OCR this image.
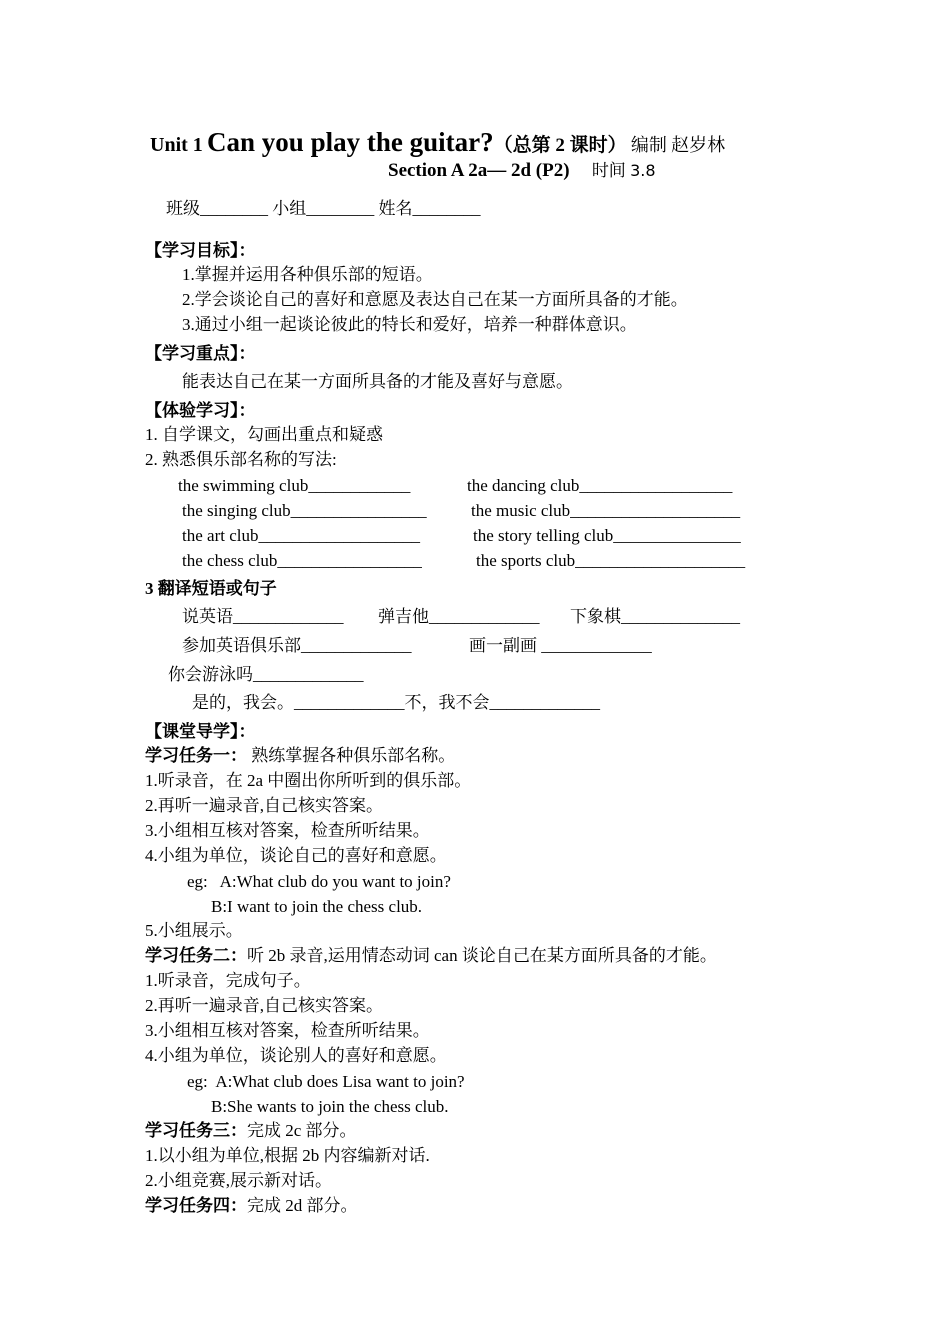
Unit 1 Can you play the guitar?（总第 2 课时） 编制 赵岁林
Section A 2a— 2d (P2) 时间 3.8
班级________ 小组________ 姓名________
【学习目标】：
1.掌握并运用各种俱乐部的短语。
2.学会谈论自己的喜好和意愿及表达自己在某一方面所具备的才能。
3.通过小组一起谈论彼此的特长和爱好，培养一种群体意识。
【学习重点】：
能表达自己在某一方面所具备的才能及喜好与意愿。
【体验学习】：
1. 自学课文，勾画出重点和疑惑
2. 熟悉俱乐部名称的写法:
the swimming club____________	the dancing club__________________
the singing club________________	the music club____________________
the art club___________________	the story telling club_______________
the chess club_________________	the sports club____________________
3 翻译短语或句子
说英语_____________ 弹吉他_____________ 下象棋______________
参加英语俱乐部_____________	画一副画 _____________
你会游泳吗_____________
是的，我会。_____________不，我不会_____________
【课堂导学】：
学习任务一： 熟练掌握各种俱乐部名称。
1.听录音，在 2a 中圈出你所听到的俱乐部。
2.再听一遍录音,自己核实答案。
3.小组相互核对答案，检查所听结果。
4.小组为单位，谈论自己的喜好和意愿。
eg:   A:What club do you want to join?
B:I want to join the chess club.
5.小组展示。
学习任务二：听 2b 录音,运用情态动词 can 谈论自己在某方面所具备的才能。
1.听录音，完成句子。
2.再听一遍录音,自己核实答案。
3.小组相互核对答案，检查所听结果。
4.小组为单位，谈论别人的喜好和意愿。
eg:  A:What club does Lisa want to join?
B:She wants to join the chess club.
学习任务三：完成 2c 部分。
1.以小组为单位,根据 2b 内容编新对话.
2.小组竞赛,展示新对话。
学习任务四：完成 2d 部分。
